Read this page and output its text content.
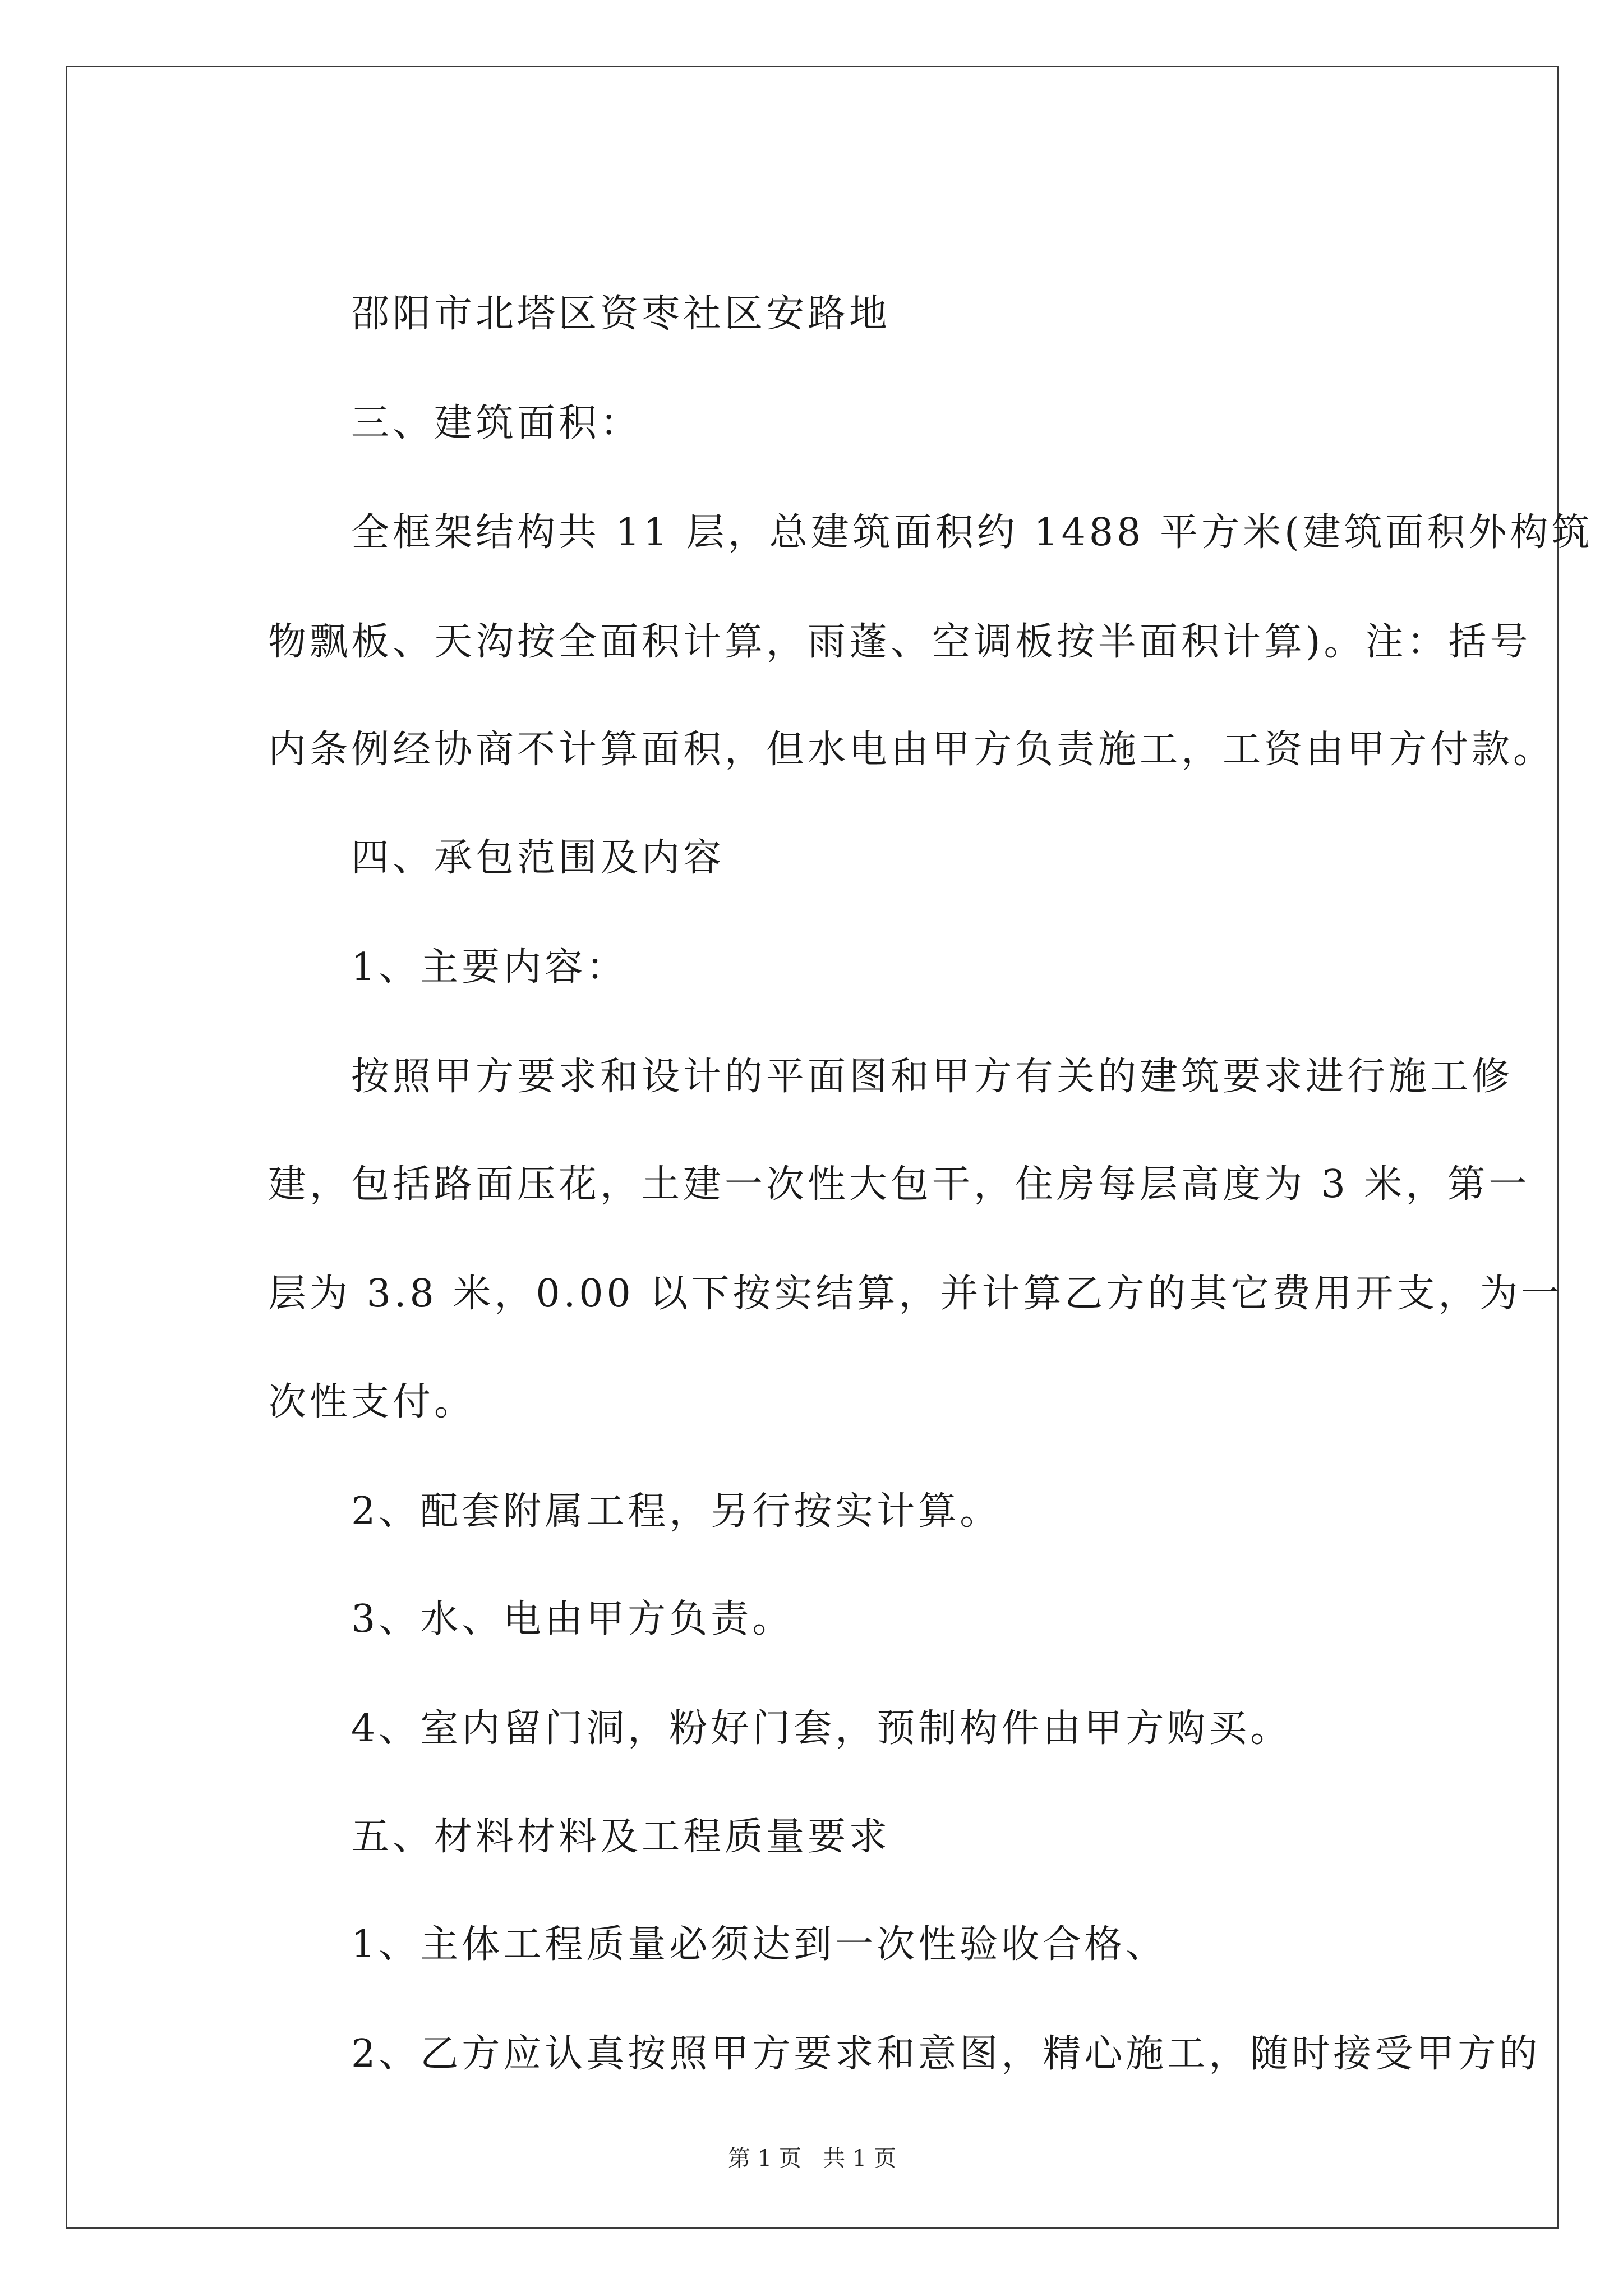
邵阳市北塔区资枣社区安路地
三、建筑面积：
全框架结构共 11 层，总建筑面积约 1488 平方米(建筑面积外构筑
物飘板、天沟按全面积计算，雨蓬、空调板按半面积计算)。注：括号
内条例经协商不计算面积，但水电由甲方负责施工，工资由甲方付款。
四、承包范围及内容
1、主要内容：
按照甲方要求和设计的平面图和甲方有关的建筑要求进行施工修
建，包括路面压花，土建一次性大包干，住房每层高度为 3 米，第一
层为 3.8 米，0.00 以下按实结算，并计算乙方的其它费用开支，为一
次性支付。
2、配套附属工程，另行按实计算。
3、水、电由甲方负责。
4、室内留门洞，粉好门套，预制构件由甲方购买。
五、材料材料及工程质量要求
1、主体工程质量必须达到一次性验收合格、
2、乙方应认真按照甲方要求和意图，精心施工，随时接受甲方的
第 1 页 共 1 页
